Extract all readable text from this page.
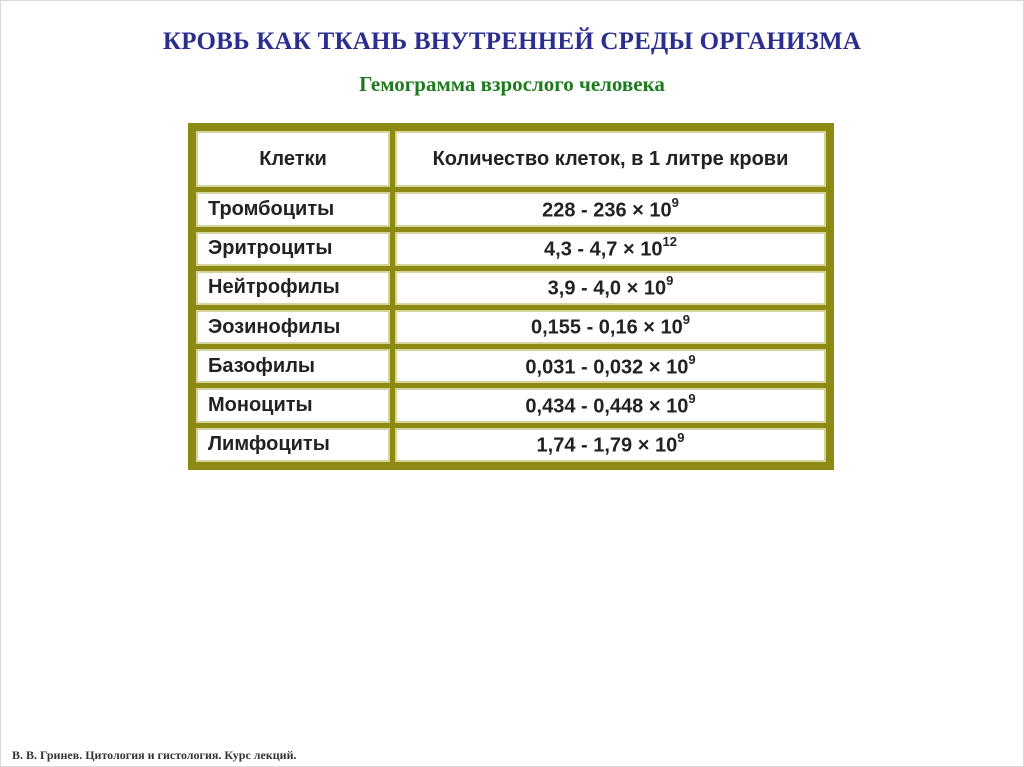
КРОВЬ КАК ТКАНЬ ВНУТРЕННЕЙ СРЕДЫ ОРГАНИЗМА
Гемограмма взрослого человека
Клетки	Количество клеток, в 1 литре крови
Тромбоциты	$228 - 236 \times 10^9$
Эритроциты	$4,3 - 4,7 \times 10^{12}$
Нейтрофилы	$3,9 - 4,0 \times 10^9$
Эозинофилы	$0,155 - 0,16 \times 10^9$
Базофилы	$0,031 - 0,032 \times 10^9$
Моноциты	$0,434 - 0,448 \times 10^9$
Лимфоциты	$1,74 - 1,79 \times 10^9$
В. В. Гринев. Цитология и гистология. Курс лекций.
